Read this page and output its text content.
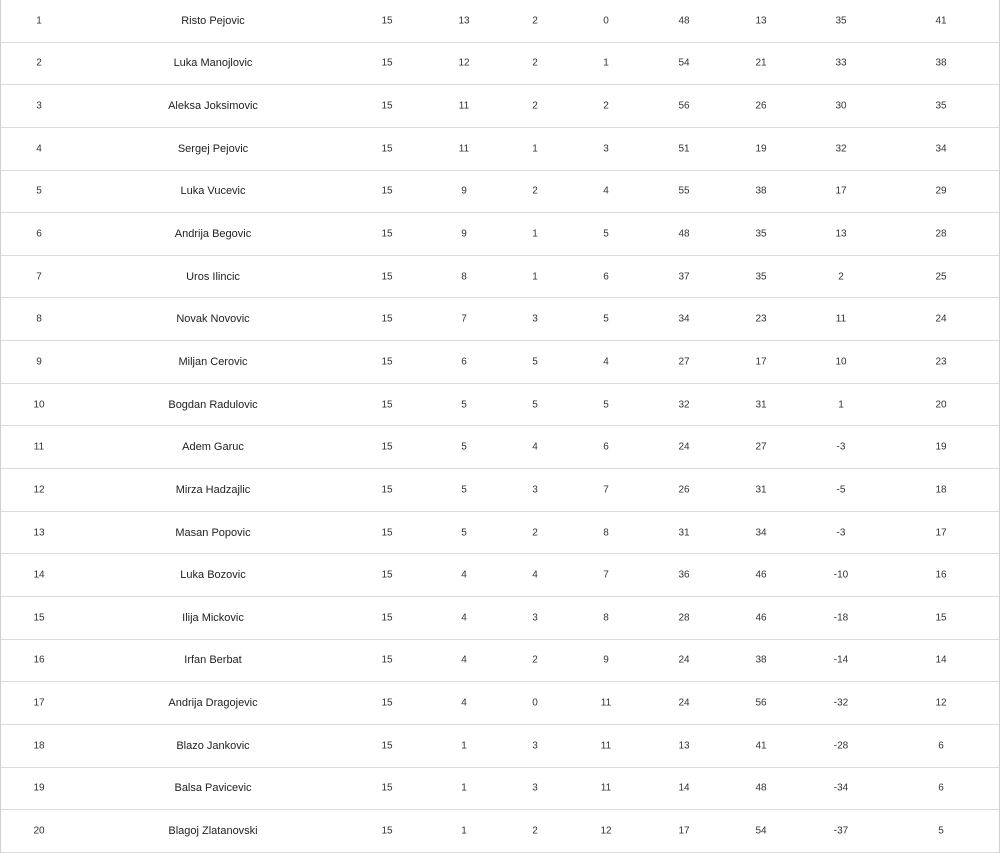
1	Risto Pejovic	15	13	2	0	48	13	35	41
2	Luka Manojlovic	15	12	2	1	54	21	33	38
3	Aleksa Joksimovic	15	11	2	2	56	26	30	35
4	Sergej Pejovic	15	11	1	3	51	19	32	34
5	Luka Vucevic	15	9	2	4	55	38	17	29
6	Andrija Begovic	15	9	1	5	48	35	13	28
7	Uros Ilincic	15	8	1	6	37	35	2	25
8	Novak Novovic	15	7	3	5	34	23	11	24
9	Miljan Cerovic	15	6	5	4	27	17	10	23
10	Bogdan Radulovic	15	5	5	5	32	31	1	20
11	Adem Garuc	15	5	4	6	24	27	-3	19
12	Mirza Hadzajlic	15	5	3	7	26	31	-5	18
13	Masan Popovic	15	5	2	8	31	34	-3	17
14	Luka Bozovic	15	4	4	7	36	46	-10	16
15	Ilija Mickovic	15	4	3	8	28	46	-18	15
16	Irfan Berbat	15	4	2	9	24	38	-14	14
17	Andrija Dragojevic	15	4	0	11	24	56	-32	12
18	Blazo Jankovic	15	1	3	11	13	41	-28	6
19	Balsa Pavicevic	15	1	3	11	14	48	-34	6
20	Blagoj Zlatanovski	15	1	2	12	17	54	-37	5
